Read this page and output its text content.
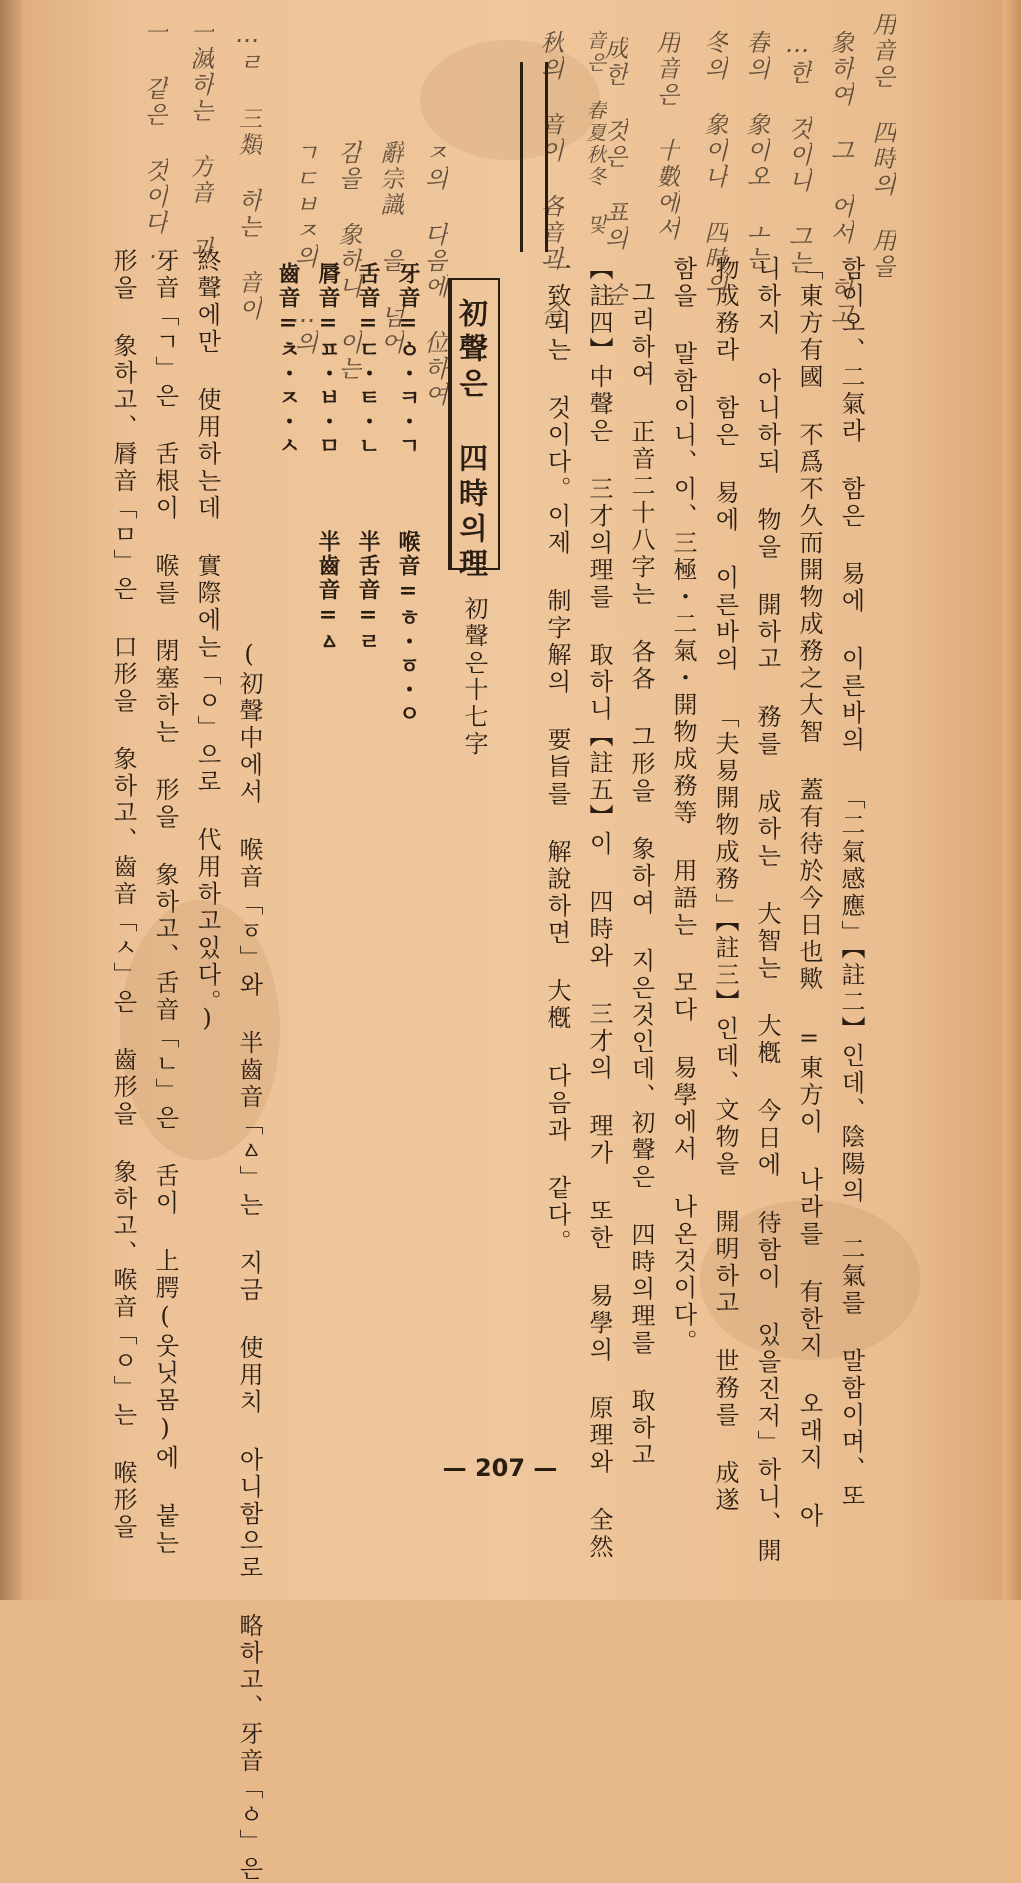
함이오、二氣라 함은 易에 이른바의 「二氣感應」【註二】인데、陰陽의 二氣를 말함이며、또
「東方有國 不爲不久而開物成務之大智 蓋有待於今日也歟 =東方이 나라를 有한지 오래지 아
니하지 아니하되 物을 開하고 務를 成하는 大智는 大槪 今日에 待함이 있을진저」하니、開
物成務라 함은 易에 이른바의 「夫易開物成務」【註三】인데、文物을 開明하고 世務를 成遂
함을 말함이니、이、三極・二氣・開物成務等 用語는 모다 易學에서 나온것이다。
그리하여 正音二十八字는 各各 그形을 象하여 지은것인데、初聲은 四時의理를 取하고
【註四】中聲은 三才의理를 取하니【註五】이 四時와 三才의 理가 또한 易學의 原理와 全然
一致되는 것이다。이제 制字解의 要旨를 解說하면 大槪 다음과 같다。
初聲은 四時의理
初聲은十七字
牙音=ㆁ・ㅋ・ㄱ
舌音=ㄷ・ㅌ・ㄴ
脣音=ㅍ・ㅂ・ㅁ
齒音=ㅊ・ㅈ・ㅅ
喉音=ㅎ・ㆆ・ㅇ
半舌音=ㄹ
半齒音=ㅿ
(初聲中에서 喉音「ㆆ」와 半齒音「ㅿ」는 지금 使用치 아니함으로 略하고、牙音「ㆁ」은
終聲에만 使用하는데 實際에는「ㅇ」으로 代用하고있다。)
牙音「ㄱ」은 舌根이 喉를 閉塞하는 形을 象하고、舌音「ㄴ」은 舌이 上腭(웃닛몸)에 붙는
形을 象하고、脣音「ㅁ」은 口形을 象하고、齒音「ㅅ」은 齒形을 象하고、喉音「ㅇ」는 喉形을
用音은 四時의 用을
象하여 그 어서 하고
…한 것이니 그는
春의 象이오 ㅗ는
冬의 象이나 四時의
用音은 十數에서
成한 것은 표의 순
秋의 音이 各音과 合 音은 春夏秋冬 및
ㅈ의 다음에 位하여
辭宗識 을 넘어
감을 象하니 이는
ㄱㄷㅂㅈ의 …의
…ㄹ 三類 하는 音이
一滅하는 方音 과
一 같은 것이다.
— 207 —
